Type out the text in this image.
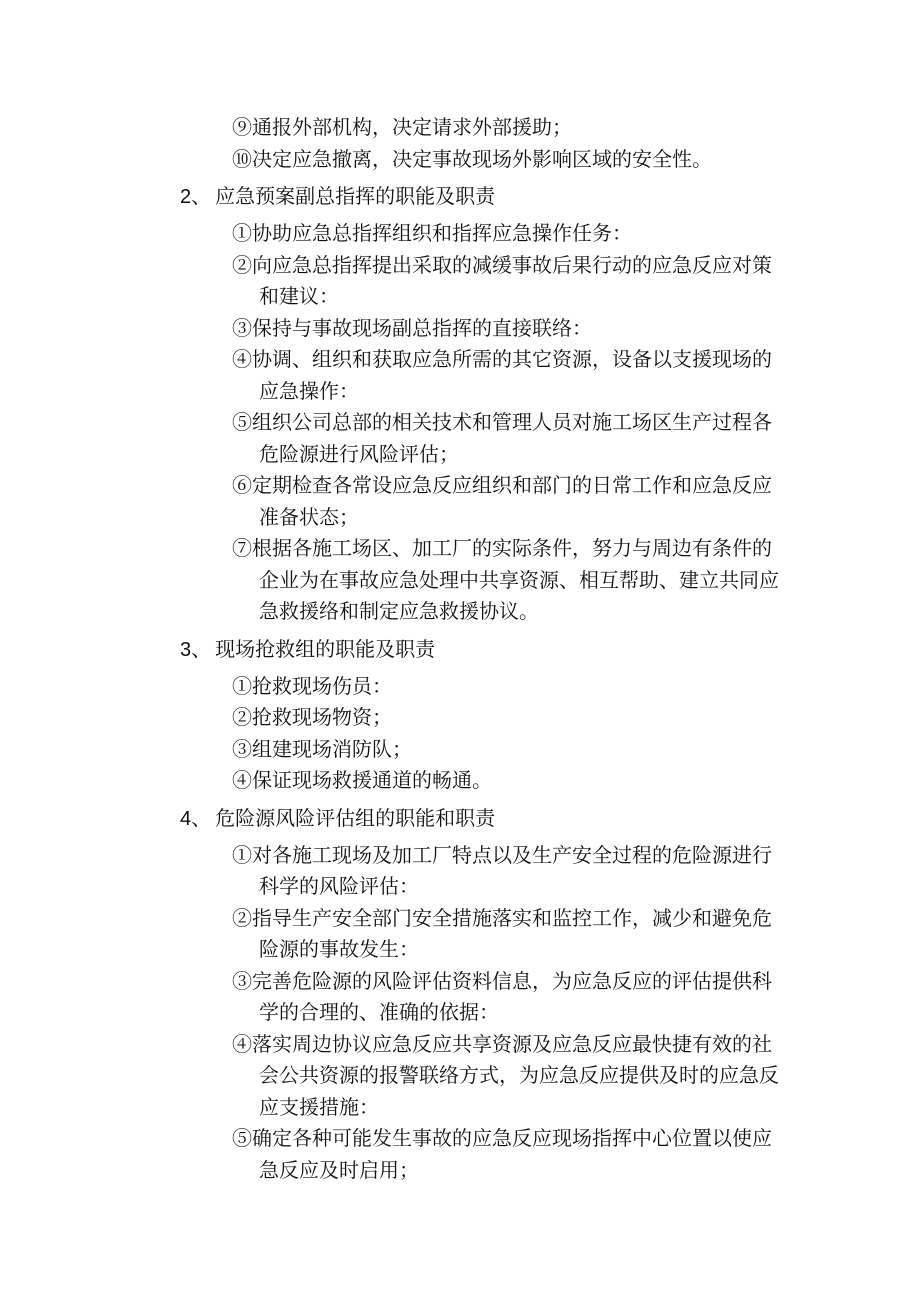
⑨通报外部机构，决定请求外部援助；
⑩决定应急撤离，决定事故现场外影响区域的安全性。
2、 应急预案副总指挥的职能及职责
①协助应急总指挥组织和指挥应急操作任务：
②向应急总指挥提出采取的减缓事故后果行动的应急反应对策和建议：
③保持与事故现场副总指挥的直接联络：
④协调、组织和获取应急所需的其它资源，设备以支援现场的应急操作：
⑤组织公司总部的相关技术和管理人员对施工场区生产过程各危险源进行风险评估；
⑥定期检查各常设应急反应组织和部门的日常工作和应急反应准备状态；
⑦根据各施工场区、加工厂的实际条件，努力与周边有条件的企业为在事故应急处理中共享资源、相互帮助、建立共同应急救援络和制定应急救援协议。
3、 现场抢救组的职能及职责
①抢救现场伤员：
②抢救现场物资；
③组建现场消防队；
④保证现场救援通道的畅通。
4、 危险源风险评估组的职能和职责
①对各施工现场及加工厂特点以及生产安全过程的危险源进行科学的风险评估：
②指导生产安全部门安全措施落实和监控工作，减少和避免危险源的事故发生：
③完善危险源的风险评估资料信息，为应急反应的评估提供科学的合理的、准确的依据：
④落实周边协议应急反应共享资源及应急反应最快捷有效的社会公共资源的报警联络方式，为应急反应提供及时的应急反应支援措施：
⑤确定各种可能发生事故的应急反应现场指挥中心位置以使应急反应及时启用；
